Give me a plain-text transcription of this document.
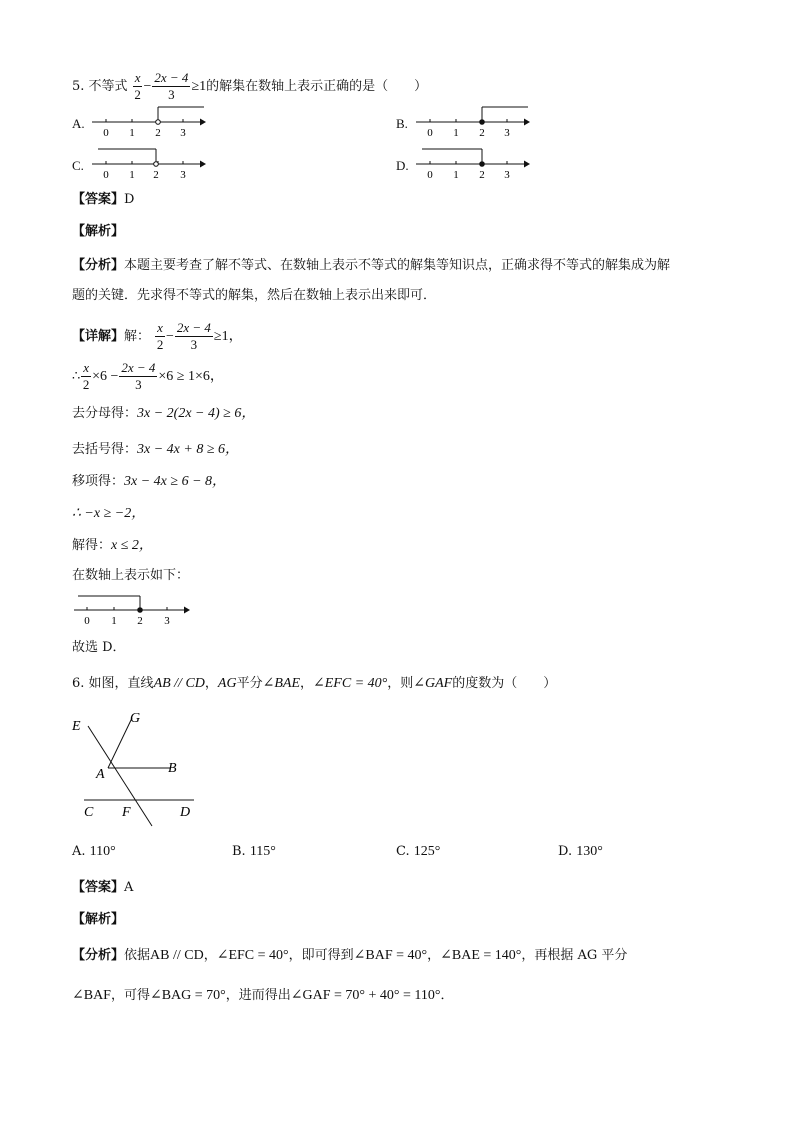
5. 不等式 $\frac{x}{2} - \frac{2x - 4}{3} \ge 1$的解集在数轴上表示正确的是（　　）
A.	B.
C.	D.
0 1 2 3	0 1 2 3
0 1 2 3	0 1 2 3
【答案】D
【解析】
【分析】本题主要考查了解不等式、在数轴上表示不等式的解集等知识点，正确求得不等式的解集成为解
题的关键．先求得不等式的解集，然后在数轴上表示出来即可．
【详解】解： $\frac{x}{2} - \frac{2x - 4}{3} \ge 1$，
∴ $\frac{x}{2} \times 6 - \frac{2x - 4}{3} \times 6 \ge 1\times 6$，
去分母得：3x − 2(2x − 4) ≥ 6，
去括号得：3x − 4x + 8 ≥ 6，
移项得：3x − 4x ≥ 6 − 8，
∴ −x ≥ −2，
解得：x ≤ 2，
在数轴上表示如下：
0 1 2 3
故选 D．
6. 如图，直线AB // CD，AG平分∠BAE，∠EFC = 40°，则∠GAF的度数为（　　）
E
G
A	B
C F	D
A. 110°	B. 115°	C. 125°	D. 130°
【答案】A
【解析】
【分析】依据AB // CD，∠EFC = 40°，即可得到∠BAF = 40°，∠BAE = 140°，再根据 AG 平分
∠BAF，可得∠BAG = 70°，进而得出∠GAF = 70° + 40° = 110°．
